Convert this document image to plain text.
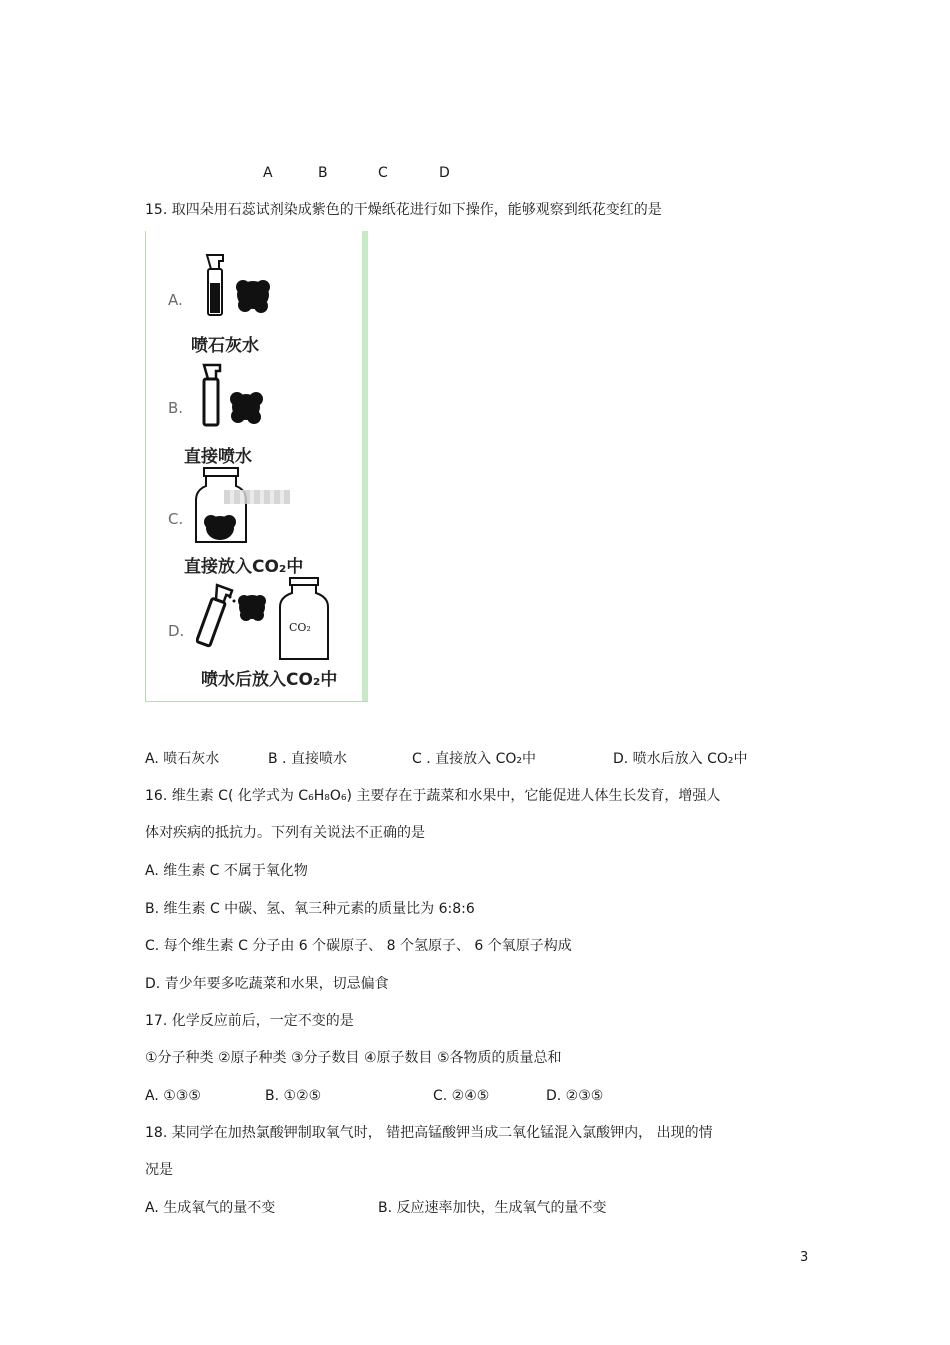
A	B	C	D
15. 取四朵用石蕊试剂染成紫色的干燥纸花进行如下操作，能够观察到纸花变红的是
A.
喷石灰水
B.
直接喷水
C.
直接放入CO₂中
D.	CO₂
喷水后放入CO₂中
A. 喷石灰水	B . 直接喷水	C . 直接放入 CO₂中	D. 喷水后放入 CO₂中
16. 维生素 C( 化学式为 C₆H₈O₆) 主要存在于蔬菜和水果中，它能促进人体生长发育，增强人
体对疾病的抵抗力。下列有关说法不正确的是
A. 维生素 C 不属于氧化物
B. 维生素 C 中碳、氢、氧三种元素的质量比为 6:8:6
C. 每个维生素 C 分子由 6 个碳原子、 8 个氢原子、 6 个氧原子构成
D. 青少年要多吃蔬菜和水果，切忌偏食
17. 化学反应前后，一定不变的是
①分子种类 ②原子种类 ③分子数目 ④原子数目 ⑤各物质的质量总和
A. ①③⑤	B. ①②⑤	C. ②④⑤	D. ②③⑤
18. 某同学在加热氯酸钾制取氧气时， 错把高锰酸钾当成二氧化锰混入氯酸钾内， 出现的情
况是
A. 生成氧气的量不变	B. 反应速率加快，生成氧气的量不变
3
